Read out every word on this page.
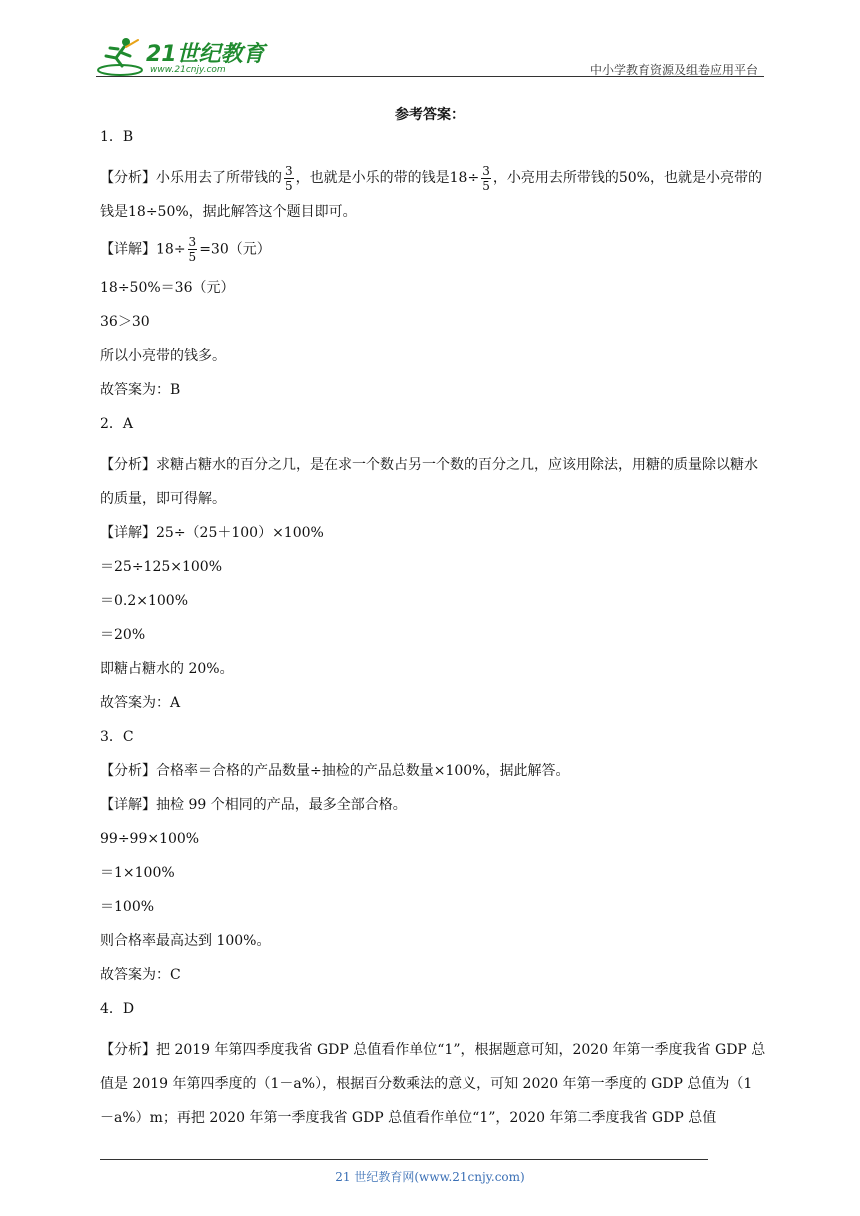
21世纪教育
www.21cnjy.com	中小学教育资源及组卷应用平台
参考答案：
1．B
【分析】小乐用去了所带钱的 $\frac{3}{5}$ ，也就是小乐的带的钱是$18\div \frac{3}{5}$ ，小亮用去所带钱的50%，也就是小亮带的钱是18÷50%，据此解答这个题目即可。
【详解】$18\div \frac{3}{5} =30$（元）
18÷50%＝36（元）
36＞30
所以小亮带的钱多。
故答案为：B
2．A
【分析】求糖占糖水的百分之几，是在求一个数占另一个数的百分之几，应该用除法，用糖的质量除以糖水的质量，即可得解。
【详解】25÷（25＋100）×100%
＝25÷125×100%
＝0.2×100%
＝20%
即糖占糖水的 20%。
故答案为：A
3．C
【分析】合格率＝合格的产品数量÷抽检的产品总数量×100%，据此解答。
【详解】抽检 99 个相同的产品，最多全部合格。
99÷99×100%
＝1×100%
＝100%
则合格率最高达到 100%。
故答案为：C
4．D
【分析】把 2019 年第四季度我省 GDP 总值看作单位“1”，根据题意可知，2020 年第一季度我省 GDP 总值是 2019 年第四季度的（1－a%），根据百分数乘法的意义，可知 2020 年第一季度的 GDP 总值为（1－a%）m；再把 2020 年第一季度我省 GDP 总值看作单位“1”，2020 年第二季度我省 GDP 总值
21 世纪教育网(www.21cnjy.com)
